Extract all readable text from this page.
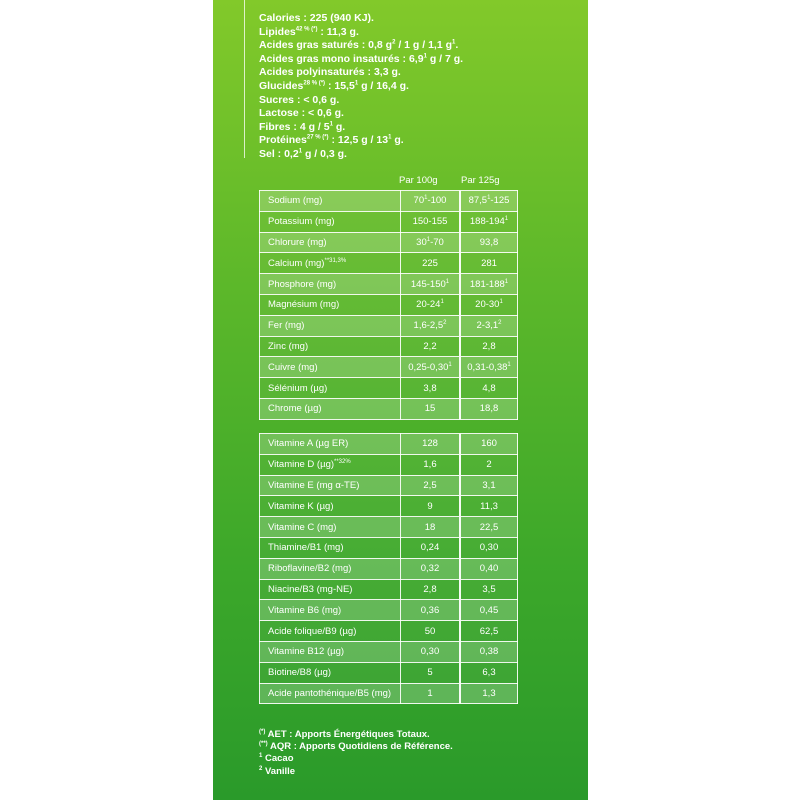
Calories : 225 (940 KJ).
Lipides$^{42 \% (*)}$ : 11,3 g.
Acides gras saturés : 0,8 $g^2 / 1$ g / 1,1 $g^1$.
Acides gras mono insaturés : $6,9^1$ g / 7 g.
Acides polyinsaturés : 3,3 g.
Glucides$^{28 \% (*)}$ : 15,5$^1$ g / 16,4 g.
Sucres : < 0,6 g.
Lactose : < 0,6 g.
Fibres : 4 g / $5^1$ g.
Protéines$^{27 \% (*)}$ : 12,5 g / $13^1$ g.
Sel : $0,2^1$ g / 0,3 g.
Par 100g Par 125g
Sodium (mg)	$70^1-100$	87,5$^1$-125
Potassium (mg)	150-155	$188-194^1$
Chlorure (mg)	$30^1-70$	93,8
Calcium (mg)$^{**31,3\%}$	225	281
Phosphore (mg)	$145-150^1$	$181-188^1$
Magnésium (mg)	$20-24^1$	$20-30^1$
Fer (mg)	$1,6-2,5^2$	$2-3,1^2$
Zinc (mg)	2,2	2,8
Cuivre (mg)	0,25-0,30$^1$	0,31-0,38$^1$
Sélénium (µg)	3,8	4,8
Chrome (µg)	15	18,8
Vitamine A (µg ER)	128	160
Vitamine D $(\mu g)^{**32\%}$	1,6	2
Vitamine E (mg α-TE)	2,5	3,1
Vitamine K (µg)	9	11,3
Vitamine C (mg)	18	22,5
Thiamine/B1 (mg)	0,24	0,30
Riboflavine/B2 (mg)	0,32	0,40
Niacine/B3 (mg-NE)	2,8	3,5
Vitamine B6 (mg)	0,36	0,45
Acide folique/B9 (µg)	50	62,5
Vitamine B12 (µg)	0,30	0,38
Biotine/B8 (µg)	5	6,3
Acide pantothénique/B5 (mg)	1	1,3
(*) AET : Apports Énergétiques Totaux.
(**) AQR : Apports Quotidiens de Référence.
$^1$ Cacao
$^2$ Vanille
